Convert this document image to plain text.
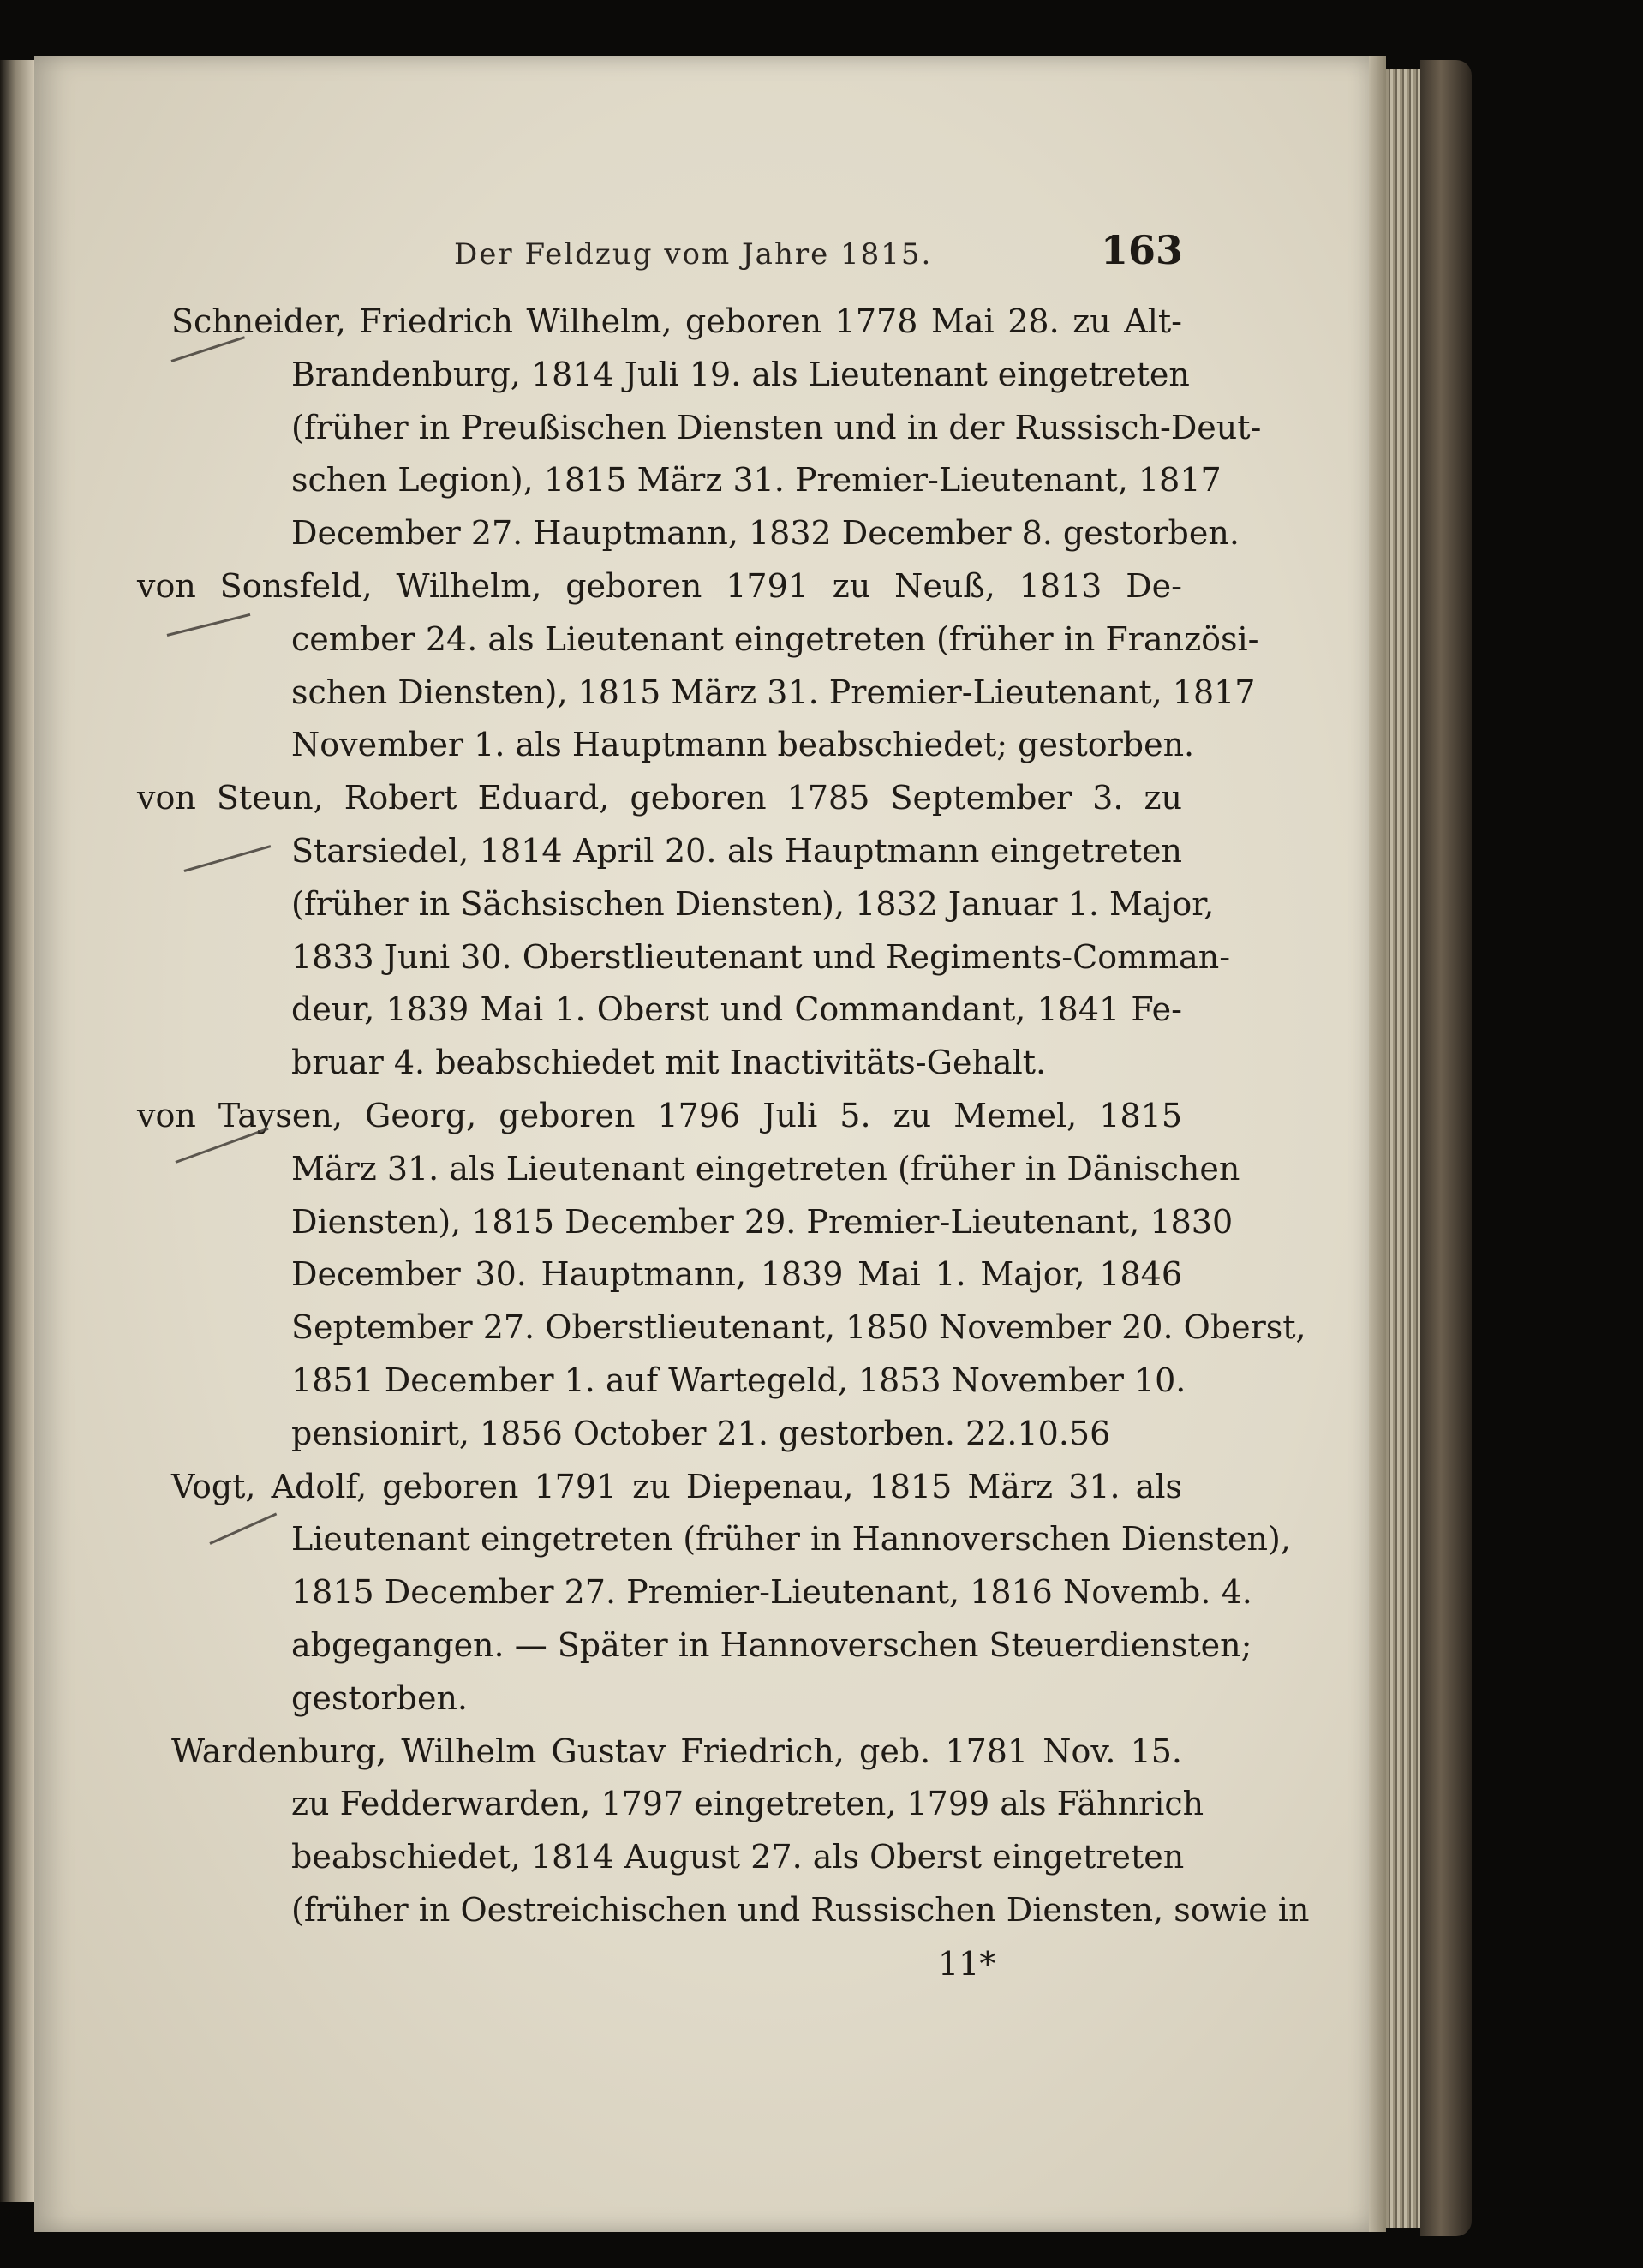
Der Feldzug vom Jahre 1815.	163
Schneider, Friedrich Wilhelm, geboren 1778 Mai 28. zu Alt-
Brandenburg, 1814 Juli 19. als Lieutenant eingetreten
(früher in Preußischen Diensten und in der Russisch-Deut-
schen Legion), 1815 März 31. Premier-Lieutenant, 1817
December 27. Hauptmann, 1832 December 8. gestorben.
von Sonsfeld, Wilhelm, geboren 1791 zu Neuß, 1813 De-
cember 24. als Lieutenant eingetreten (früher in Französi-
schen Diensten), 1815 März 31. Premier-Lieutenant, 1817
November 1. als Hauptmann beabschiedet; gestorben.
von Steun, Robert Eduard, geboren 1785 September 3. zu
Starsiedel, 1814 April 20. als Hauptmann eingetreten
(früher in Sächsischen Diensten), 1832 Januar 1. Major,
1833 Juni 30. Oberstlieutenant und Regiments-Comman-
deur, 1839 Mai 1. Oberst und Commandant, 1841 Fe-
bruar 4. beabschiedet mit Inactivitäts-Gehalt.
von Taysen, Georg, geboren 1796 Juli 5. zu Memel, 1815
März 31. als Lieutenant eingetreten (früher in Dänischen
Diensten), 1815 December 29. Premier-Lieutenant, 1830
December 30. Hauptmann, 1839 Mai 1. Major, 1846
September 27. Oberstlieutenant, 1850 November 20. Oberst,
1851 December 1. auf Wartegeld, 1853 November 10.
pensionirt, 1856 October 21. gestorben. 22.10.56
Vogt, Adolf, geboren 1791 zu Diepenau, 1815 März 31. als
Lieutenant eingetreten (früher in Hannoverschen Diensten),
1815 December 27. Premier-Lieutenant, 1816 Novemb. 4.
abgegangen. — Später in Hannoverschen Steuerdiensten;
gestorben.
Wardenburg, Wilhelm Gustav Friedrich, geb. 1781 Nov. 15.
zu Fedderwarden, 1797 eingetreten, 1799 als Fähnrich
beabschiedet, 1814 August 27. als Oberst eingetreten
(früher in Oestreichischen und Russischen Diensten, sowie in
11*
